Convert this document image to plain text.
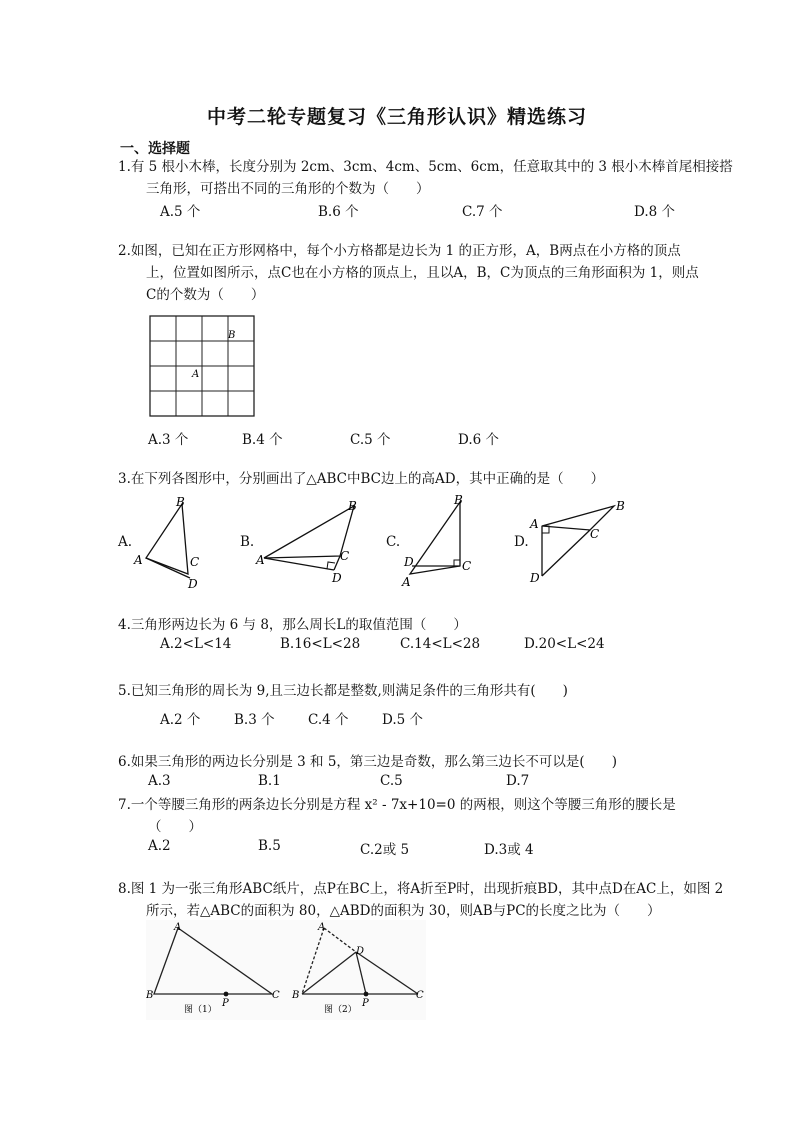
中考二轮专题复习《三角形认识》精选练习
一、选择题
1.有 5 根小木棒，长度分别为 2cm、3cm、4cm、5cm、6cm，任意取其中的 3 根小木棒首尾相接搭
三角形，可搭出不同的三角形的个数为（　　）
A.5 个	B.6 个	C.7 个	D.8 个
2.如图，已知在正方形网格中，每个小方格都是边长为 1 的正方形，A，B两点在小方格的顶点
上，位置如图所示，点C也在小方格的顶点上，且以A，B，C为顶点的三角形面积为 1，则点
C的个数为（　　）
B
A
A.3 个	B.4 个	C.5 个	D.6 个
3.在下列各图形中，分别画出了△ABC中BC边上的高AD，其中正确的是（　　）
A.
B
A	C
D
B.
B
A	C
D
C.
B
D	C
A
D.
B
A
C
D
4.三角形两边长为 6 与 8，那么周长L的取值范围（　　）
A.2<L<14	B.16<L<28	C.14<L<28	D.20<L<24
5.已知三角形的周长为 9,且三边长都是整数,则满足条件的三角形共有(　　)
A.2 个 B.3 个 C.4 个 D.5 个
6.如果三角形的两边长分别是 3 和 5，第三边是奇数，那么第三边长不可以是(　　)
A.3	B.1	C.5	D.7
7.一个等腰三角形的两条边长分别是方程 x² - 7x+10=0 的两根，则这个等腰三角形的腰长是
（　　）
A.2	B.5	C.2或 5	D.3或 4
8.图 1 为一张三角形ABC纸片，点P在BC上，将A折至P时，出现折痕BD，其中点D在AC上，如图 2
所示，若△ABC的面积为 80，△ABD的面积为 30，则AB与PC的长度之比为（　　）
A
B	C
P
图（1）
A
D
B	C
P
图（2）
